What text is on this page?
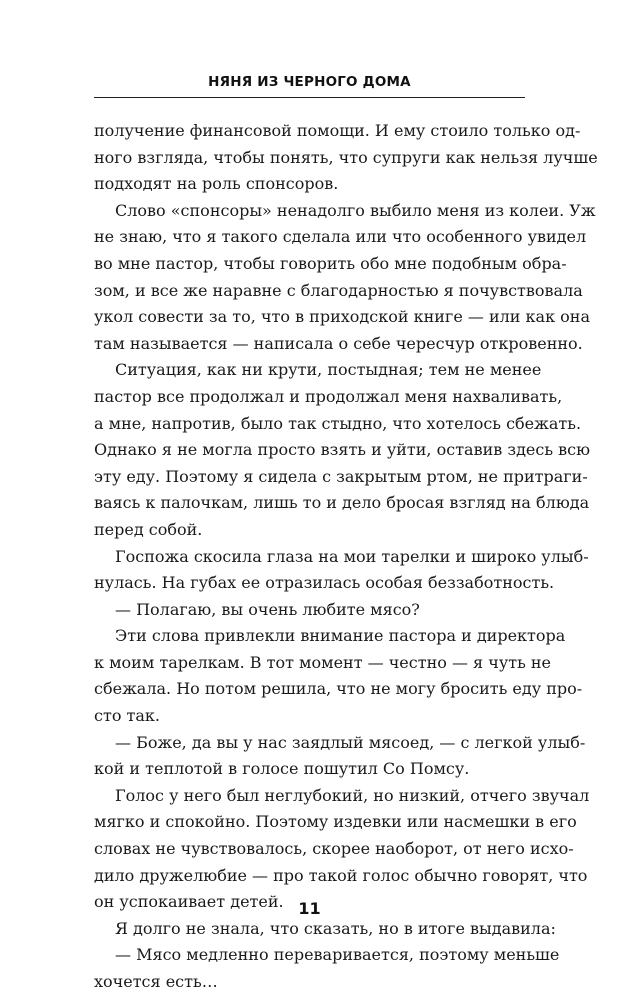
НЯНЯ ИЗ ЧЕРНОГО ДОМА

получение финансовой помощи. И ему стоило только од-
ного взгляда, чтобы понять, что супруги как нельзя лучше
подходят на роль спонсоров.

Слово «спонсоры» ненадолго выбило меня из колеи. Уж
не знаю, что я такого сделала или что особенного увидел
во мне пастор, чтобы говорить обо мне подобным обра-
зом, и все же наравне с благодарностью я почувствовала
укол совести за то, что в приходской книге — или как она
там называется — написала о себе чересчур откровенно.

Ситуация, как ни крути, постыдная; тем не менее
пастор все продолжал и продолжал меня нахваливать,
а мне, напротив, было так стыдно, что хотелось сбежать.
Однако я не могла просто взять и уйти, оставив здесь всю
эту еду. Поэтому я сидела с закрытым ртом, не притраги-
ваясь к палочкам, лишь то и дело бросая взгляд на блюда
перед собой.

Госпожа скосила глаза на мои тарелки и широко улыб-
нулась. На губах ее отразилась особая беззаботность.

— Полагаю, вы очень любите мясо?

Эти слова привлекли внимание пастора и директора
к моим тарелкам. В тот момент — честно — я чуть не
сбежала. Но потом решила, что не могу бросить еду про-
сто так.

— Боже, да вы у нас заядлый мясоед, — с легкой улыб-
кой и теплотой в голосе пошутил Со Помсу.

Голос у него был неглубокий, но низкий, отчего звучал
мягко и спокойно. Поэтому издевки или насмешки в его
словах не чувствовалось, скорее наоборот, от него исхо-
дило дружелюбие — про такой голос обычно говорят, что
он успокаивает детей.

Я долго не знала, что сказать, но в итоге выдавила:

— Мясо медленно переваривается, поэтому меньше
хочется есть…

11
